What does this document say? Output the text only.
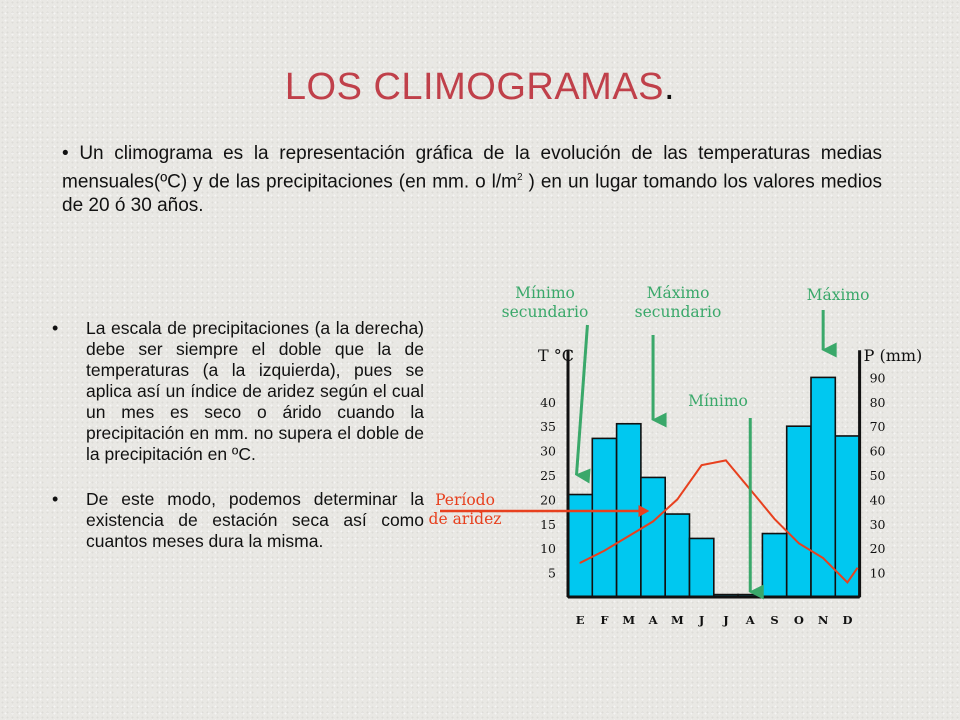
LOS CLIMOGRAMAS.
• Un climograma es la representación gráfica de la evolución de las temperaturas medias mensuales(ºC) y de las precipitaciones (en mm. o $l/m^2$ ) en un lugar tomando los valores medios de 20 ó 30 años.
• La escala de precipitaciones (a la derecha) debe ser siempre el doble que la de temperaturas (a la izquierda), pues se aplica así un índice de aridez según el cual un mes es seco o árido cuando la precipitación en mm. no supera el doble de la precipitación en ºC.
• De este modo, podemos determinar la existencia de estación seca así como cuantos meses dura la misma.
5
10
15
20
25
30
35
40
10
20
30
40
50
60
70
80
90
T °C	P (mm)
E F M A M J J A S O N D
Mínimo secundario
Máximo secundario
Máximo
Mínimo
Período de aridez
